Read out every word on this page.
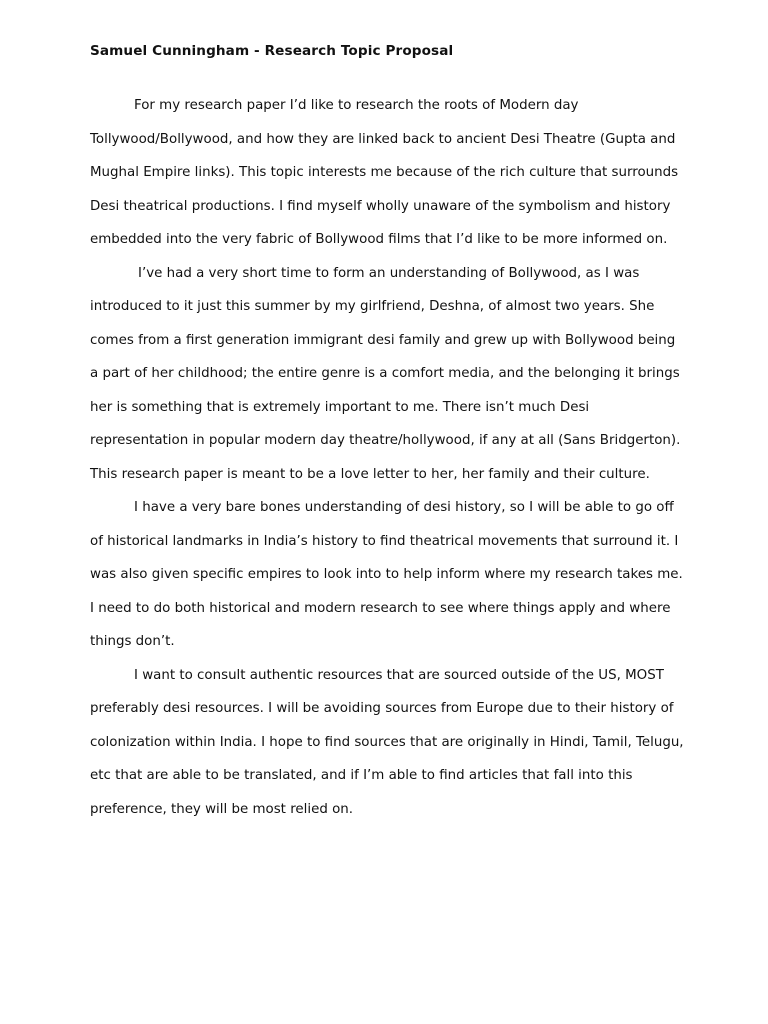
Samuel Cunningham - Research Topic Proposal

For my research paper I’d like to research the roots of Modern day Tollywood/Bollywood, and how they are linked back to ancient Desi Theatre (Gupta and Mughal Empire links). This topic interests me because of the rich culture that surrounds Desi theatrical productions. I find myself wholly unaware of the symbolism and history embedded into the very fabric of Bollywood films that I’d like to be more informed on.

I’ve had a very short time to form an understanding of Bollywood, as I was introduced to it just this summer by my girlfriend, Deshna, of almost two years. She comes from a first generation immigrant desi family and grew up with Bollywood being a part of her childhood; the entire genre is a comfort media, and the belonging it brings her is something that is extremely important to me. There isn’t much Desi representation in popular modern day theatre/hollywood, if any at all (Sans Bridgerton). This research paper is meant to be a love letter to her, her family and their culture.

I have a very bare bones understanding of desi history, so I will be able to go off of historical landmarks in India’s history to find theatrical movements that surround it. I was also given specific empires to look into to help inform where my research takes me. I need to do both historical and modern research to see where things apply and where things don’t.

I want to consult authentic resources that are sourced outside of the US, MOST preferably desi resources. I will be avoiding sources from Europe due to their history of colonization within India. I hope to find sources that are originally in Hindi, Tamil, Telugu, etc that are able to be translated, and if I’m able to find articles that fall into this preference, they will be most relied on.
